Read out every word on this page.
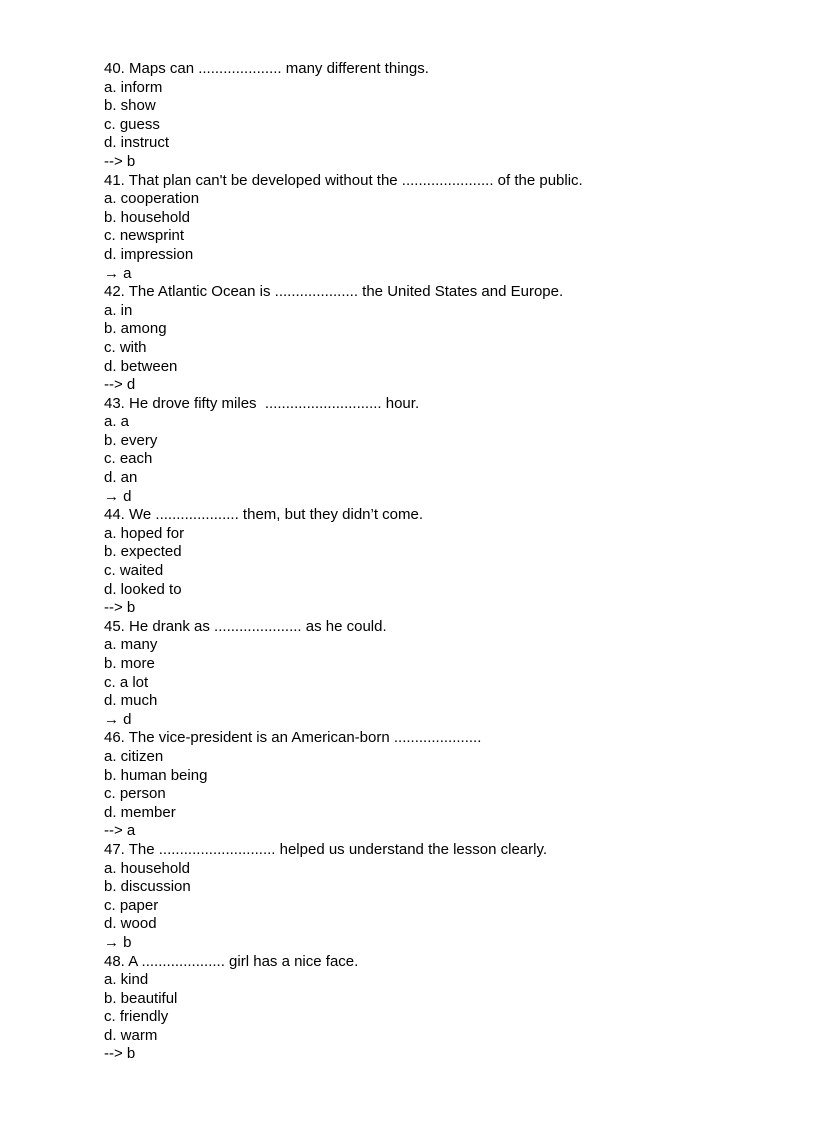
40. Maps can .................... many different things.
a. inform
b. show
c. guess
d. instruct
--> b
41. That plan can't be developed without the ...................... of the public.
a. cooperation
b. household
c. newsprint
d. impression
→ a
42. The Atlantic Ocean is .................... the United States and Europe.
a. in
b. among
c. with
d. between
--> d
43. He drove fifty miles  ............................ hour.
a. a
b. every
c. each
d. an
→ d
44. We .................... them, but they didn’t come.
a. hoped for
b. expected
c. waited
d. looked to
--> b
45. He drank as ..................... as he could.
a. many
b. more
c. a lot
d. much
→ d
46. The vice-president is an American-born .....................
a. citizen
b. human being
c. person
d. member
--> a
47. The ............................ helped us understand the lesson clearly.
a. household
b. discussion
c. paper
d. wood
→ b
48. A .................... girl has a nice face.
a. kind
b. beautiful
c. friendly
d. warm
--> b
